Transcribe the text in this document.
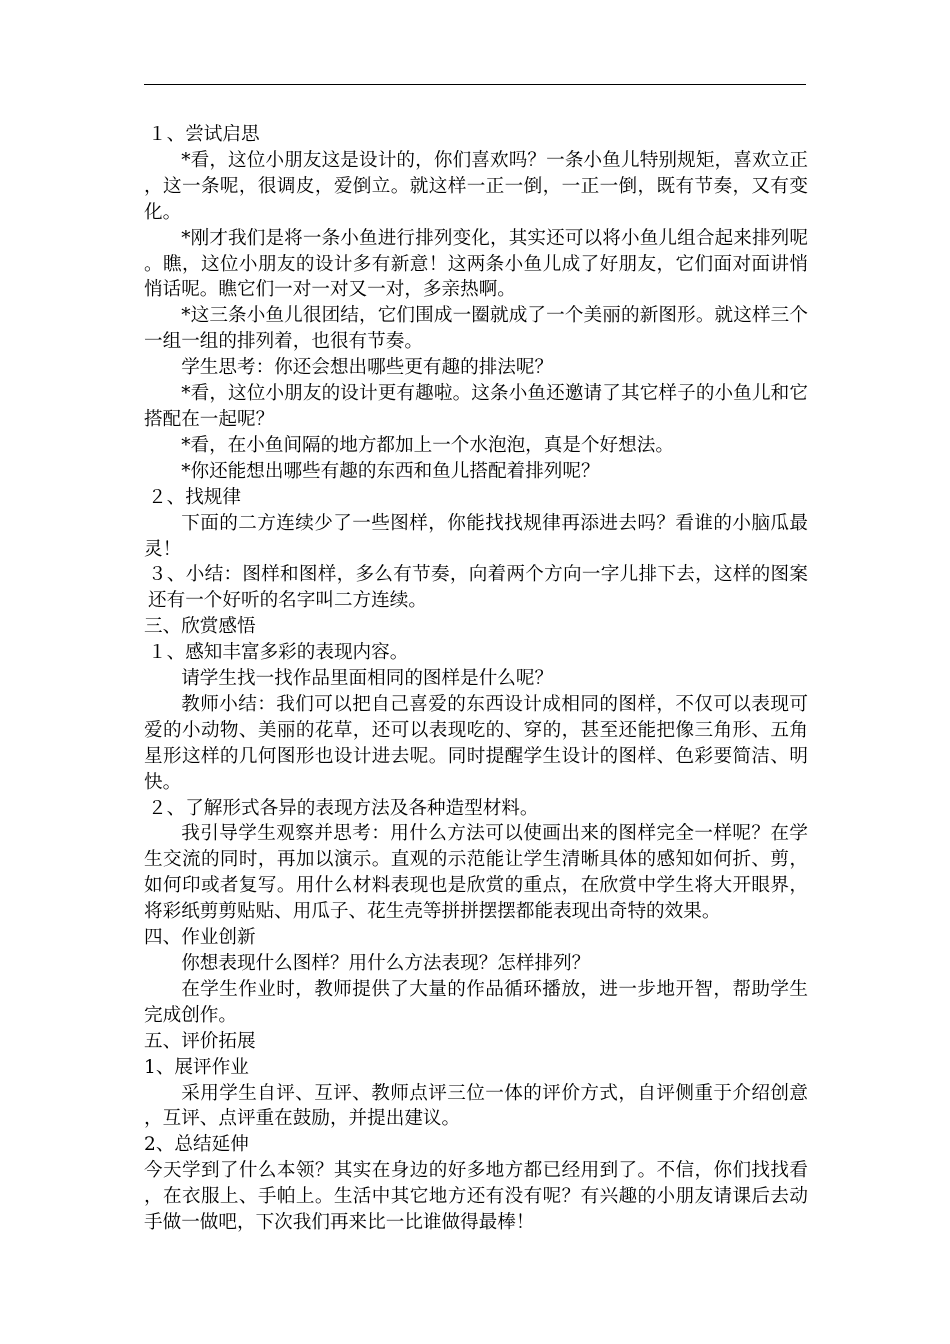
１、尝试启思

*看，这位小朋友这是设计的，你们喜欢吗？一条小鱼儿特别规矩，喜欢立正，这一条呢，很调皮，爱倒立。就这样一正一倒，一正一倒，既有节奏，又有变化。

*刚才我们是将一条小鱼进行排列变化，其实还可以将小鱼儿组合起来排列呢。瞧，这位小朋友的设计多有新意！这两条小鱼儿成了好朋友，它们面对面讲悄悄话呢。瞧它们一对一对又一对，多亲热啊。

*这三条小鱼儿很团结，它们围成一圈就成了一个美丽的新图形。就这样三个一组一组的排列着，也很有节奏。

学生思考：你还会想出哪些更有趣的排法呢？

*看，这位小朋友的设计更有趣啦。这条小鱼还邀请了其它样子的小鱼儿和它搭配在一起呢？

*看，在小鱼间隔的地方都加上一个水泡泡，真是个好想法。

*你还能想出哪些有趣的东西和鱼儿搭配着排列呢？

２、找规律

下面的二方连续少了一些图样，你能找找规律再添进去吗？看谁的小脑瓜最灵！

３、小结：图样和图样，多么有节奏，向着两个方向一字儿排下去，这样的图案还有一个好听的名字叫二方连续。

三、欣赏感悟

１、感知丰富多彩的表现内容。

请学生找一找作品里面相同的图样是什么呢？

教师小结：我们可以把自己喜爱的东西设计成相同的图样，不仅可以表现可爱的小动物、美丽的花草，还可以表现吃的、穿的，甚至还能把像三角形、五角星形这样的几何图形也设计进去呢。同时提醒学生设计的图样、色彩要简洁、明快。

２、了解形式各异的表现方法及各种造型材料。

我引导学生观察并思考：用什么方法可以使画出来的图样完全一样呢？在学生交流的同时，再加以演示。直观的示范能让学生清晰具体的感知如何折、剪，如何印或者复写。用什么材料表现也是欣赏的重点，在欣赏中学生将大开眼界，将彩纸剪剪贴贴、用瓜子、花生壳等拼拼摆摆都能表现出奇特的效果。

四、作业创新

你想表现什么图样？用什么方法表现？怎样排列？

在学生作业时，教师提供了大量的作品循环播放，进一步地开智，帮助学生完成创作。

五、评价拓展

1、展评作业

采用学生自评、互评、教师点评三位一体的评价方式，自评侧重于介绍创意，互评、点评重在鼓励，并提出建议。

2、总结延伸

今天学到了什么本领？其实在身边的好多地方都已经用到了。不信，你们找找看，在衣服上、手帕上。生活中其它地方还有没有呢？有兴趣的小朋友请课后去动手做一做吧，下次我们再来比一比谁做得最棒！
